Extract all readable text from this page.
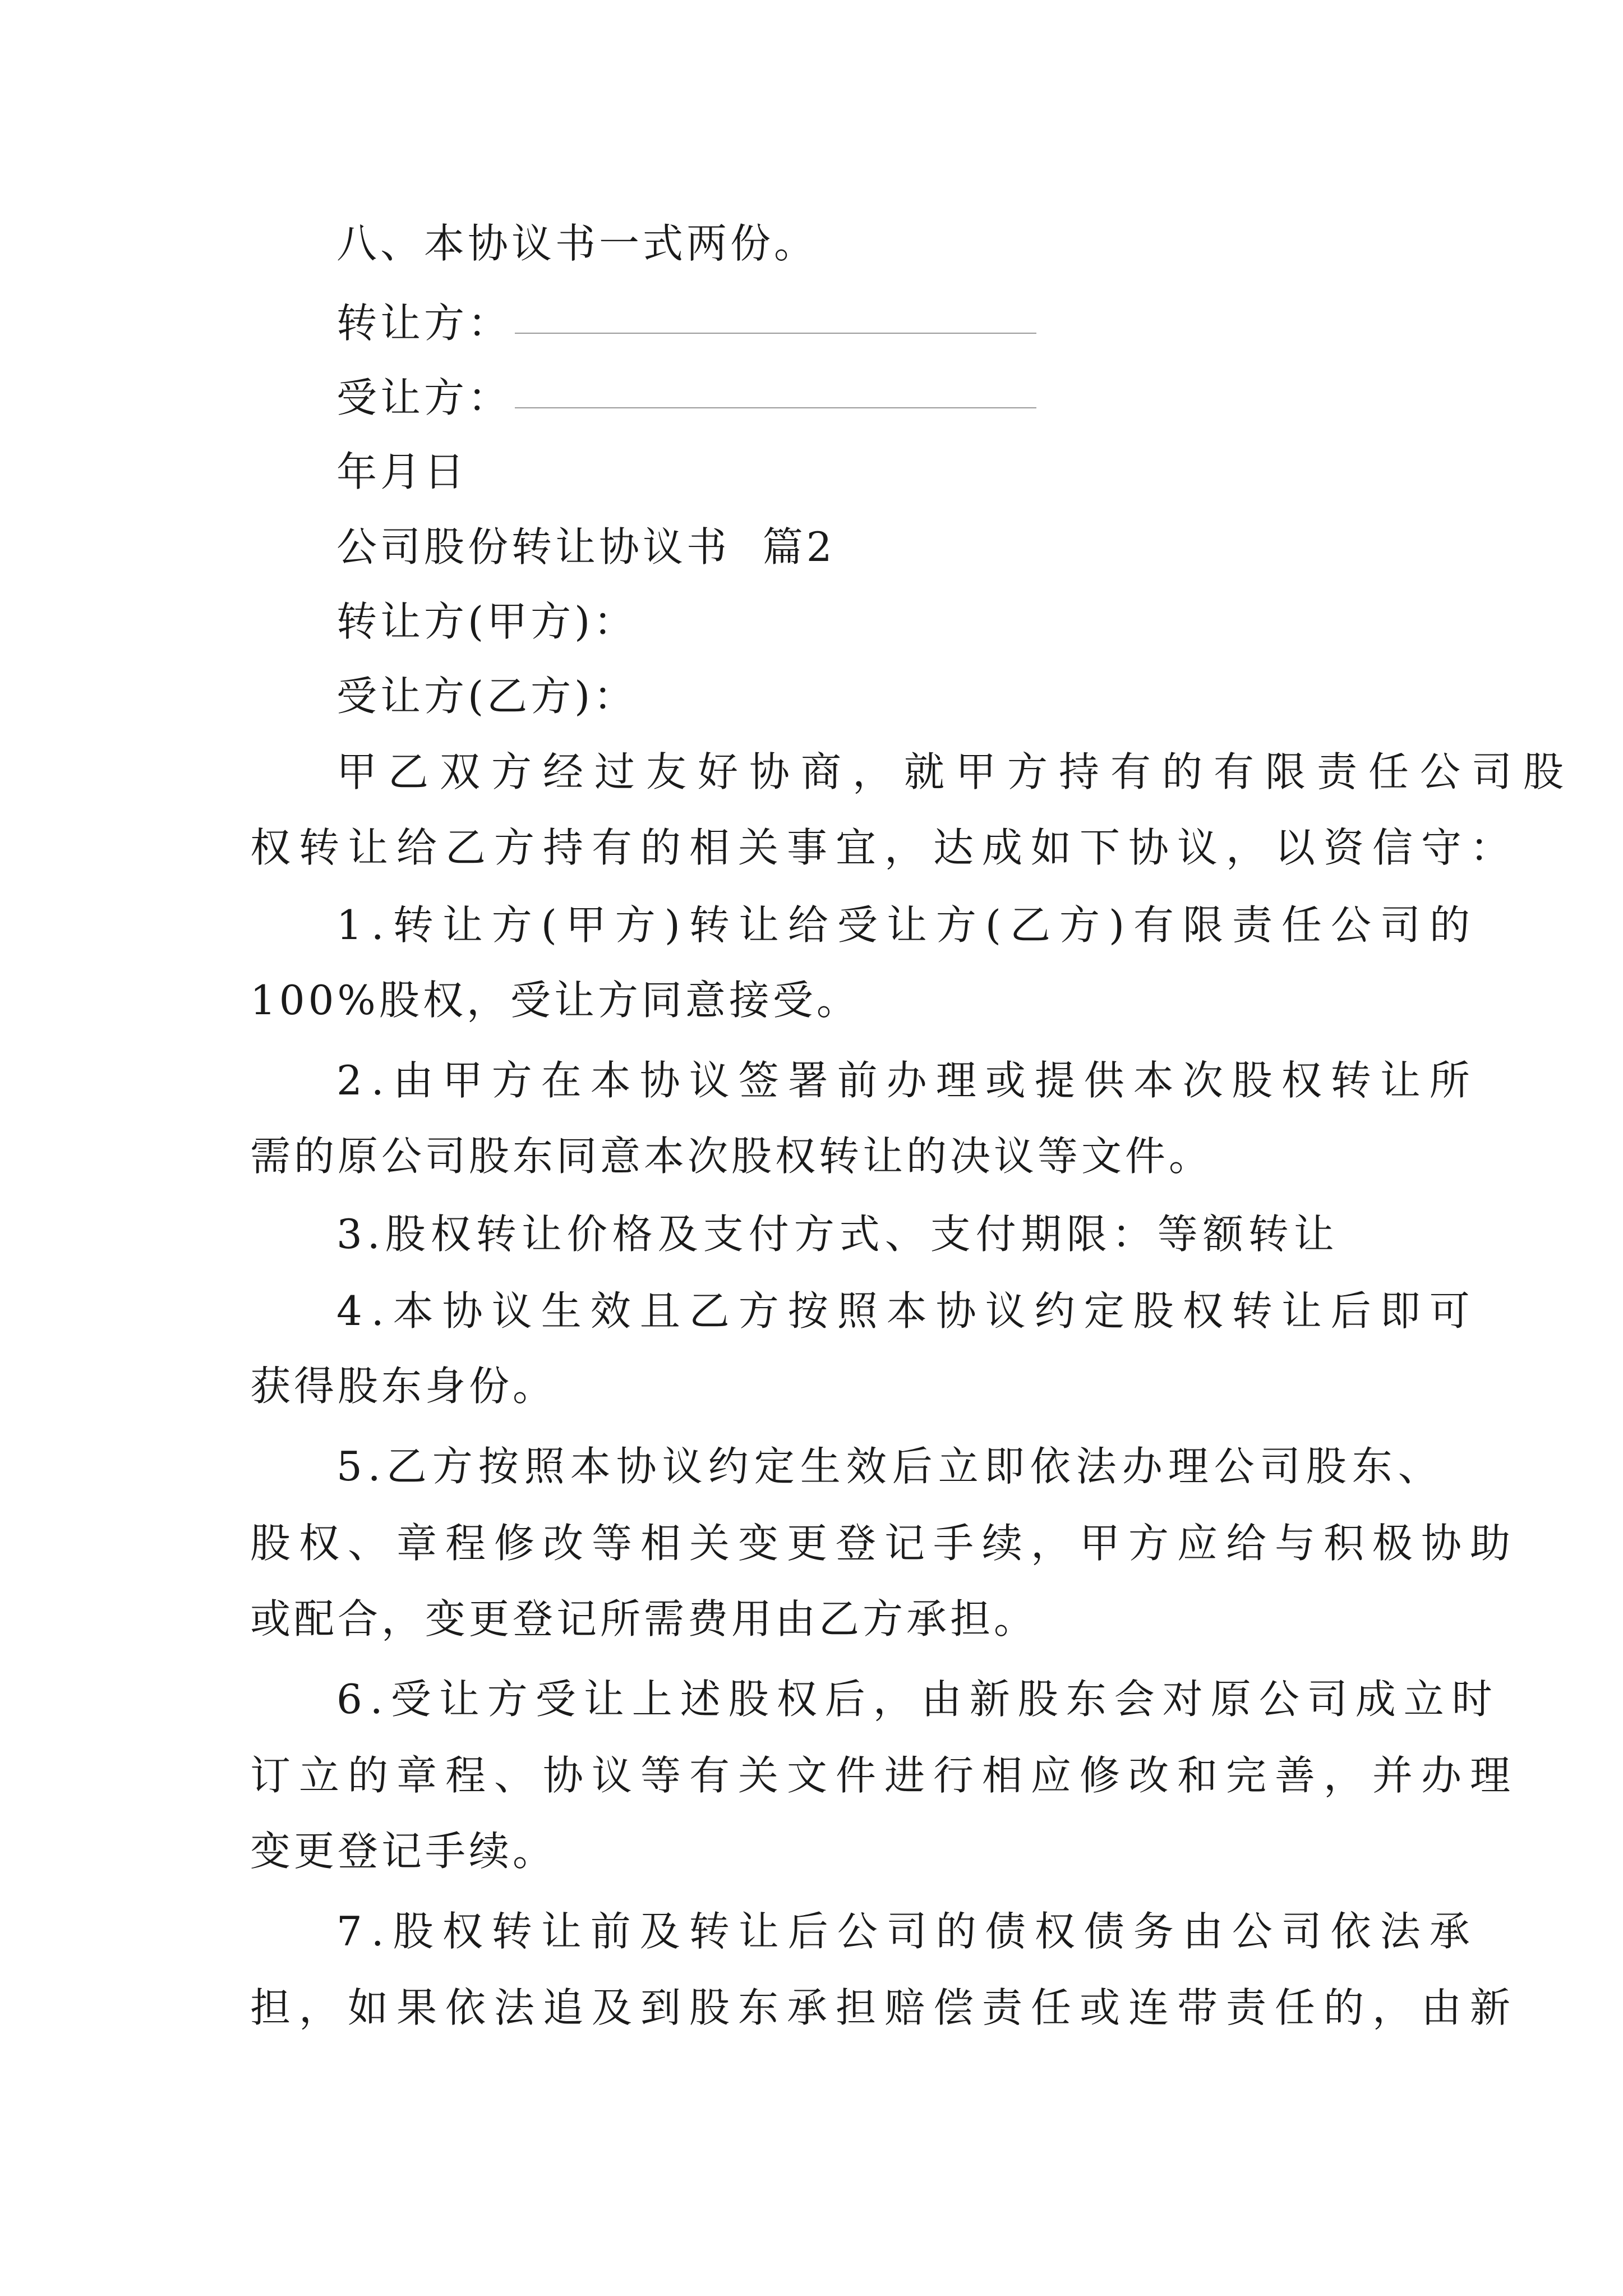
八、本协议书一式两份。
转让方：
受让方：
年月日
公司股份转让协议书  篇2
转让方(甲方)：
受让方(乙方)：
甲乙双方经过友好协商，就甲方持有的有限责任公司股
权转让给乙方持有的相关事宜，达成如下协议，以资信守：
1.转让方(甲方)转让给受让方(乙方)有限责任公司的
100%股权，受让方同意接受。
2.由甲方在本协议签署前办理或提供本次股权转让所
需的原公司股东同意本次股权转让的决议等文件。
3.股权转让价格及支付方式、支付期限：等额转让
4.本协议生效且乙方按照本协议约定股权转让后即可
获得股东身份。
5.乙方按照本协议约定生效后立即依法办理公司股东、
股权、章程修改等相关变更登记手续，甲方应给与积极协助
或配合，变更登记所需费用由乙方承担。
6.受让方受让上述股权后，由新股东会对原公司成立时
订立的章程、协议等有关文件进行相应修改和完善，并办理
变更登记手续。
7.股权转让前及转让后公司的债权债务由公司依法承
担，如果依法追及到股东承担赔偿责任或连带责任的，由新
